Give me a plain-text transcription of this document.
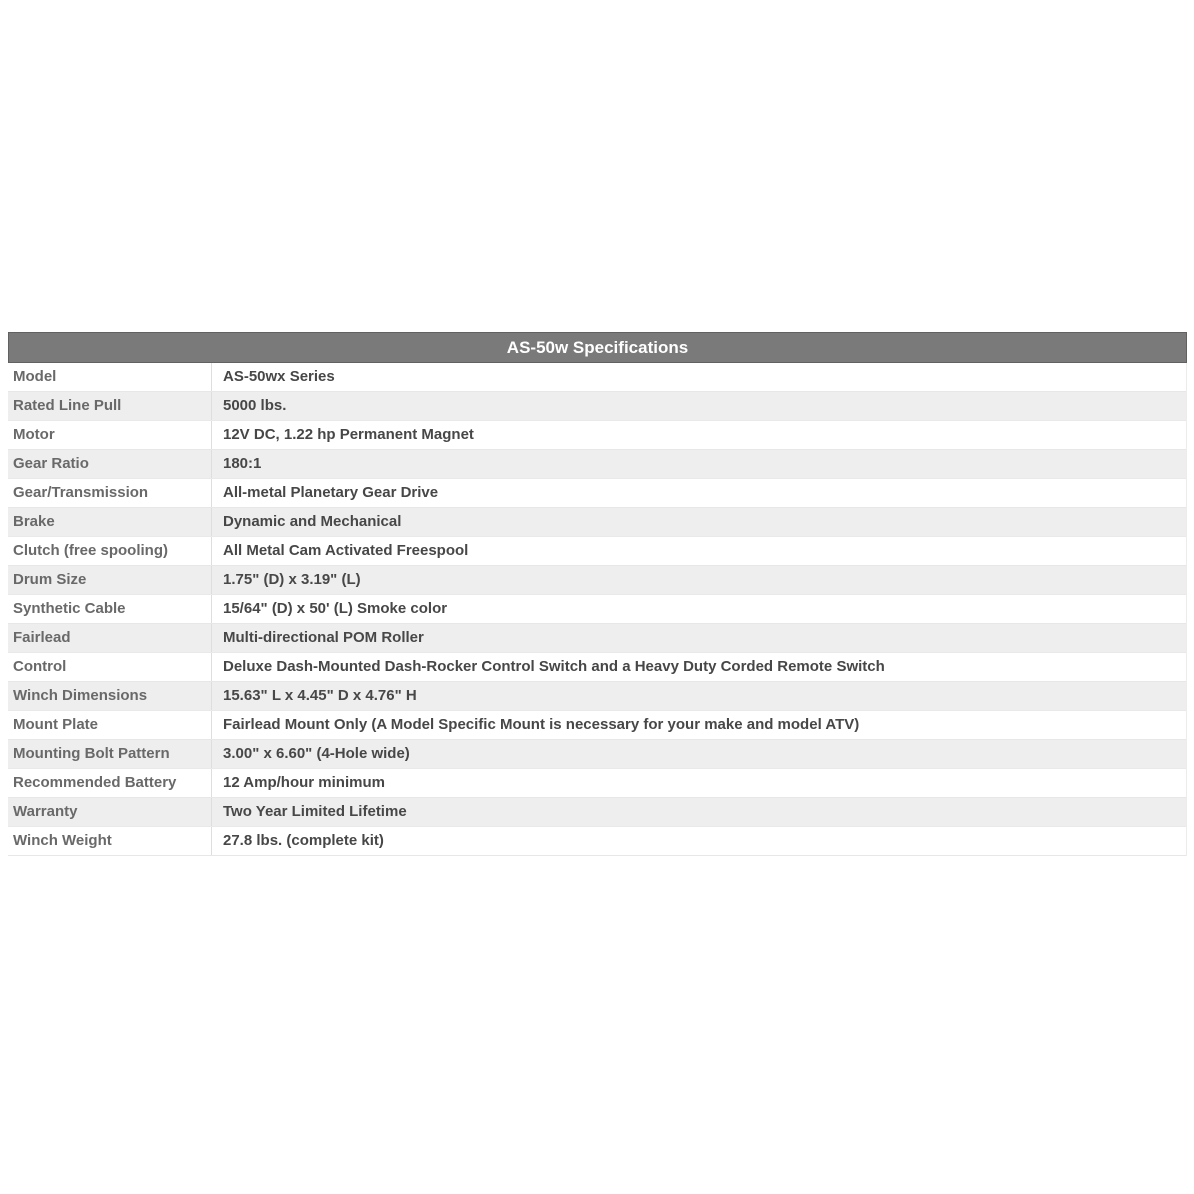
AS-50w Specifications
Model	AS-50wx Series
Rated Line Pull	5000 lbs.
Motor	12V DC, 1.22 hp Permanent Magnet
Gear Ratio	180:1
Gear/Transmission	All-metal Planetary Gear Drive
Brake	Dynamic and Mechanical
Clutch (free spooling)	All Metal Cam Activated Freespool
Drum Size	1.75" (D) x 3.19" (L)
Synthetic Cable	15/64" (D) x 50' (L) Smoke color
Fairlead	Multi-directional POM Roller
Control	Deluxe Dash-Mounted Dash-Rocker Control Switch and a Heavy Duty Corded Remote Switch
Winch Dimensions	15.63" L x 4.45" D x 4.76" H
Mount Plate	Fairlead Mount Only (A Model Specific Mount is necessary for your make and model ATV)
Mounting Bolt Pattern	3.00" x 6.60" (4-Hole wide)
Recommended Battery	12 Amp/hour minimum
Warranty	Two Year Limited Lifetime
Winch Weight	27.8 lbs. (complete kit)
